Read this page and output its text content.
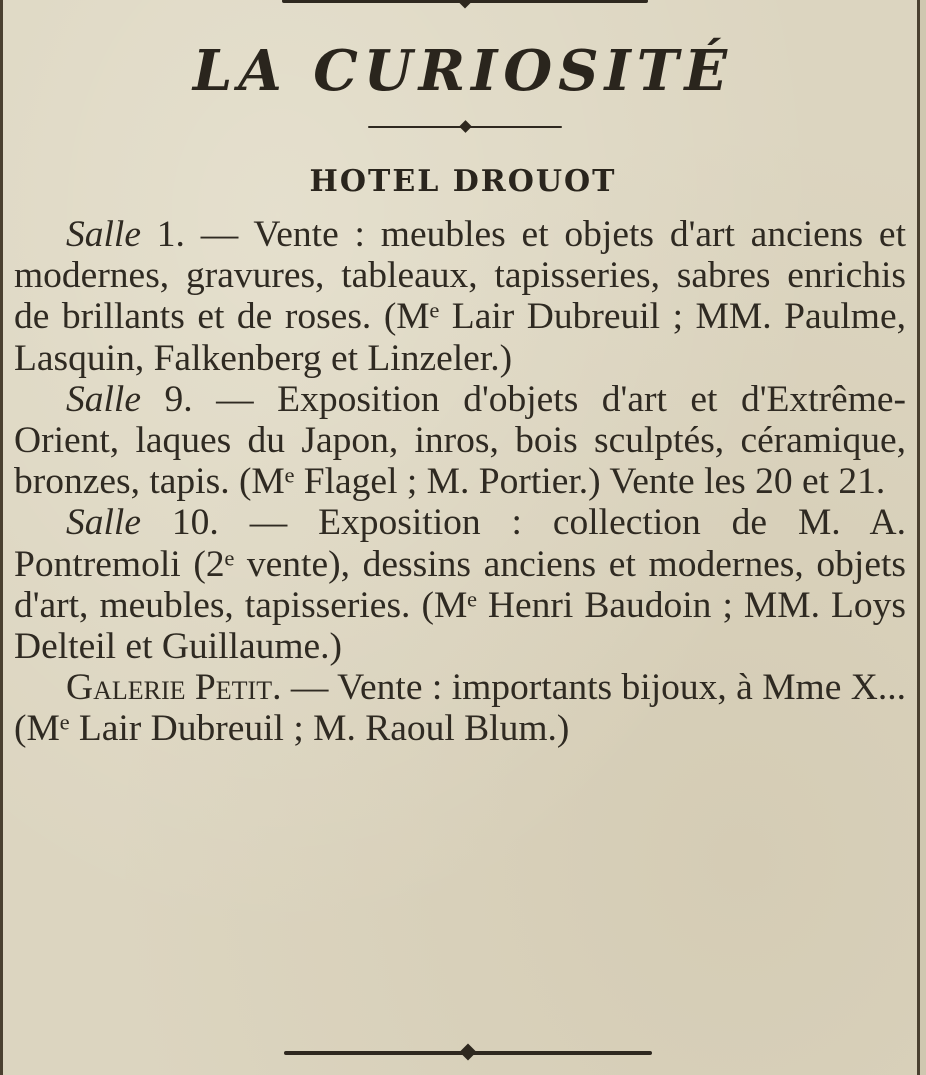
LA CURIOSITÉ
HOTEL DROUOT

Salle 1. — Vente : meubles et objets d'art anciens et modernes, gravures, tableaux, tapisseries, sabres enrichis de brillants et de roses. (Mᵉ Lair Dubreuil ; MM. Paulme, Lasquin, Falkenberg et Linzeler.)

Salle 9. — Exposition d'objets d'art et d'Extrême-Orient, laques du Japon, inros, bois sculptés, céramique, bronzes, tapis. (Mᵉ Flagel ; M. Portier.) Vente les 20 et 21.

Salle 10. — Exposition : collection de M. A. Pontremoli (2ᵉ vente), dessins anciens et modernes, objets d'art, meubles, tapisseries. (Mᵉ Henri Baudoin ; MM. Loys Delteil et Guillaume.)

Galerie Petit. — Vente : importants bijoux, à Mme X... (Mᵉ Lair Dubreuil ; M. Raoul Blum.)
